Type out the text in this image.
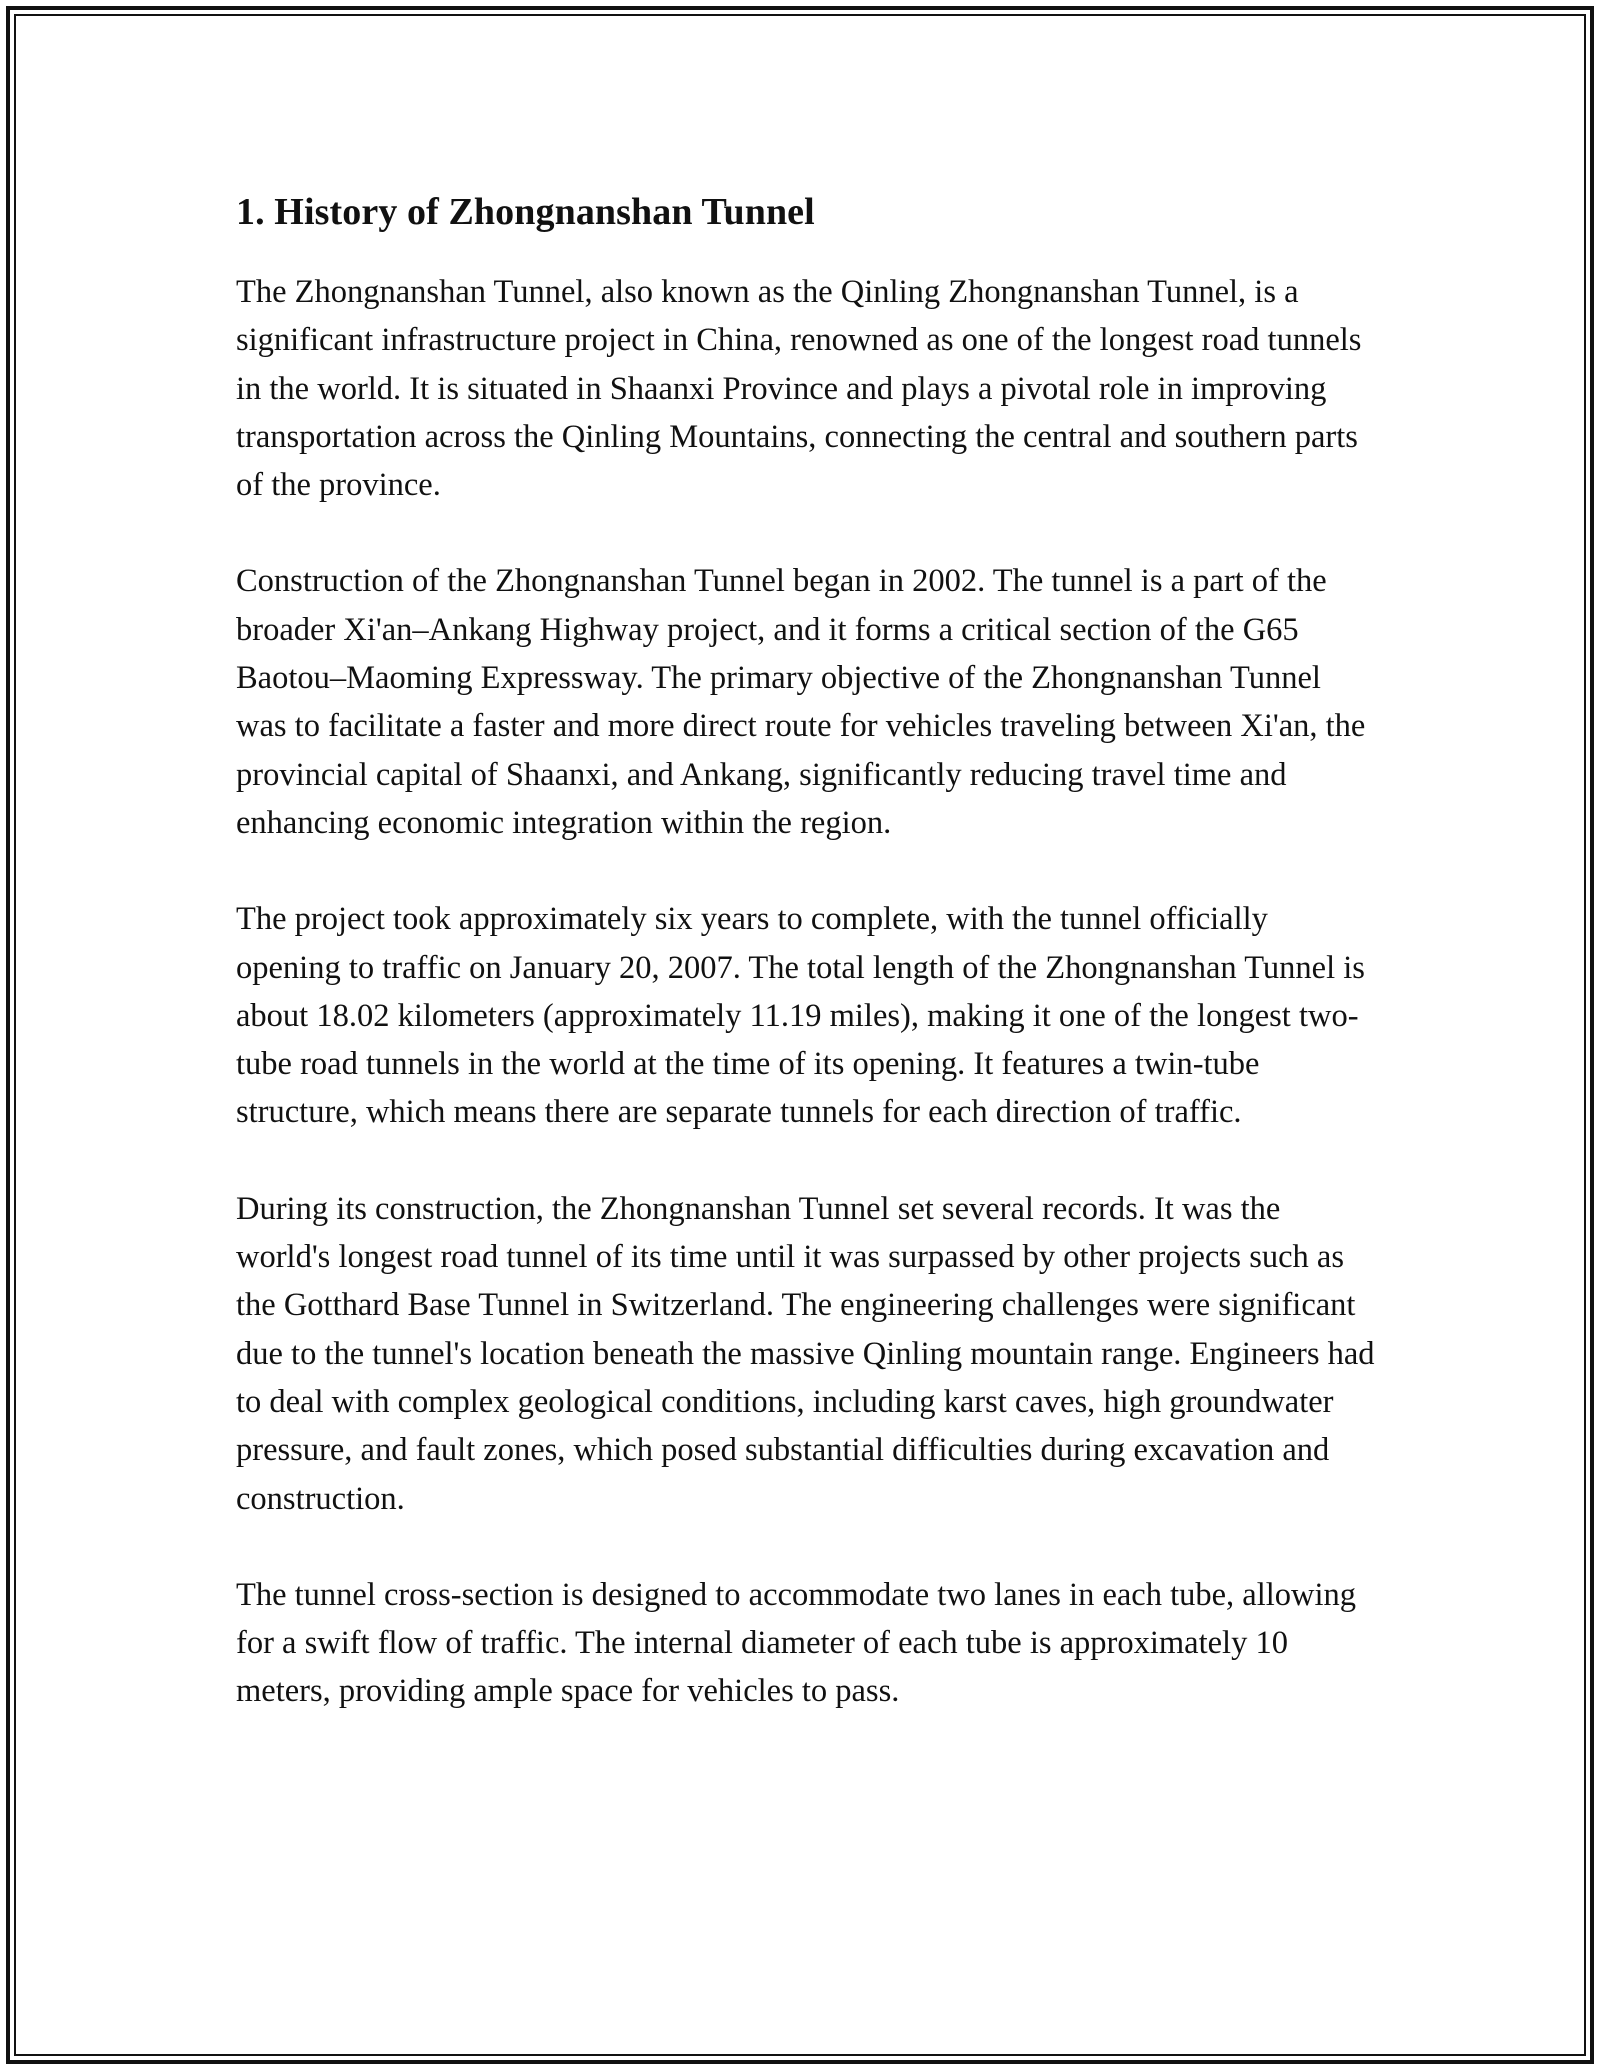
1. History of Zhongnanshan Tunnel

The Zhongnanshan Tunnel, also known as the Qinling Zhongnanshan Tunnel, is a significant infrastructure project in China, renowned as one of the longest road tunnels in the world. It is situated in Shaanxi Province and plays a pivotal role in improving transportation across the Qinling Mountains, connecting the central and southern parts of the province.

Construction of the Zhongnanshan Tunnel began in 2002. The tunnel is a part of the broader Xi'an–Ankang Highway project, and it forms a critical section of the G65 Baotou–Maoming Expressway. The primary objective of the Zhongnanshan Tunnel was to facilitate a faster and more direct route for vehicles traveling between Xi'an, the provincial capital of Shaanxi, and Ankang, significantly reducing travel time and enhancing economic integration within the region.

The project took approximately six years to complete, with the tunnel officially opening to traffic on January 20, 2007. The total length of the Zhongnanshan Tunnel is about 18.02 kilometers (approximately 11.19 miles), making it one of the longest two-tube road tunnels in the world at the time of its opening. It features a twin-tube structure, which means there are separate tunnels for each direction of traffic.

During its construction, the Zhongnanshan Tunnel set several records. It was the world's longest road tunnel of its time until it was surpassed by other projects such as the Gotthard Base Tunnel in Switzerland. The engineering challenges were significant due to the tunnel's location beneath the massive Qinling mountain range. Engineers had to deal with complex geological conditions, including karst caves, high groundwater pressure, and fault zones, which posed substantial difficulties during excavation and construction.

The tunnel cross-section is designed to accommodate two lanes in each tube, allowing for a swift flow of traffic. The internal diameter of each tube is approximately 10 meters, providing ample space for vehicles to pass.
